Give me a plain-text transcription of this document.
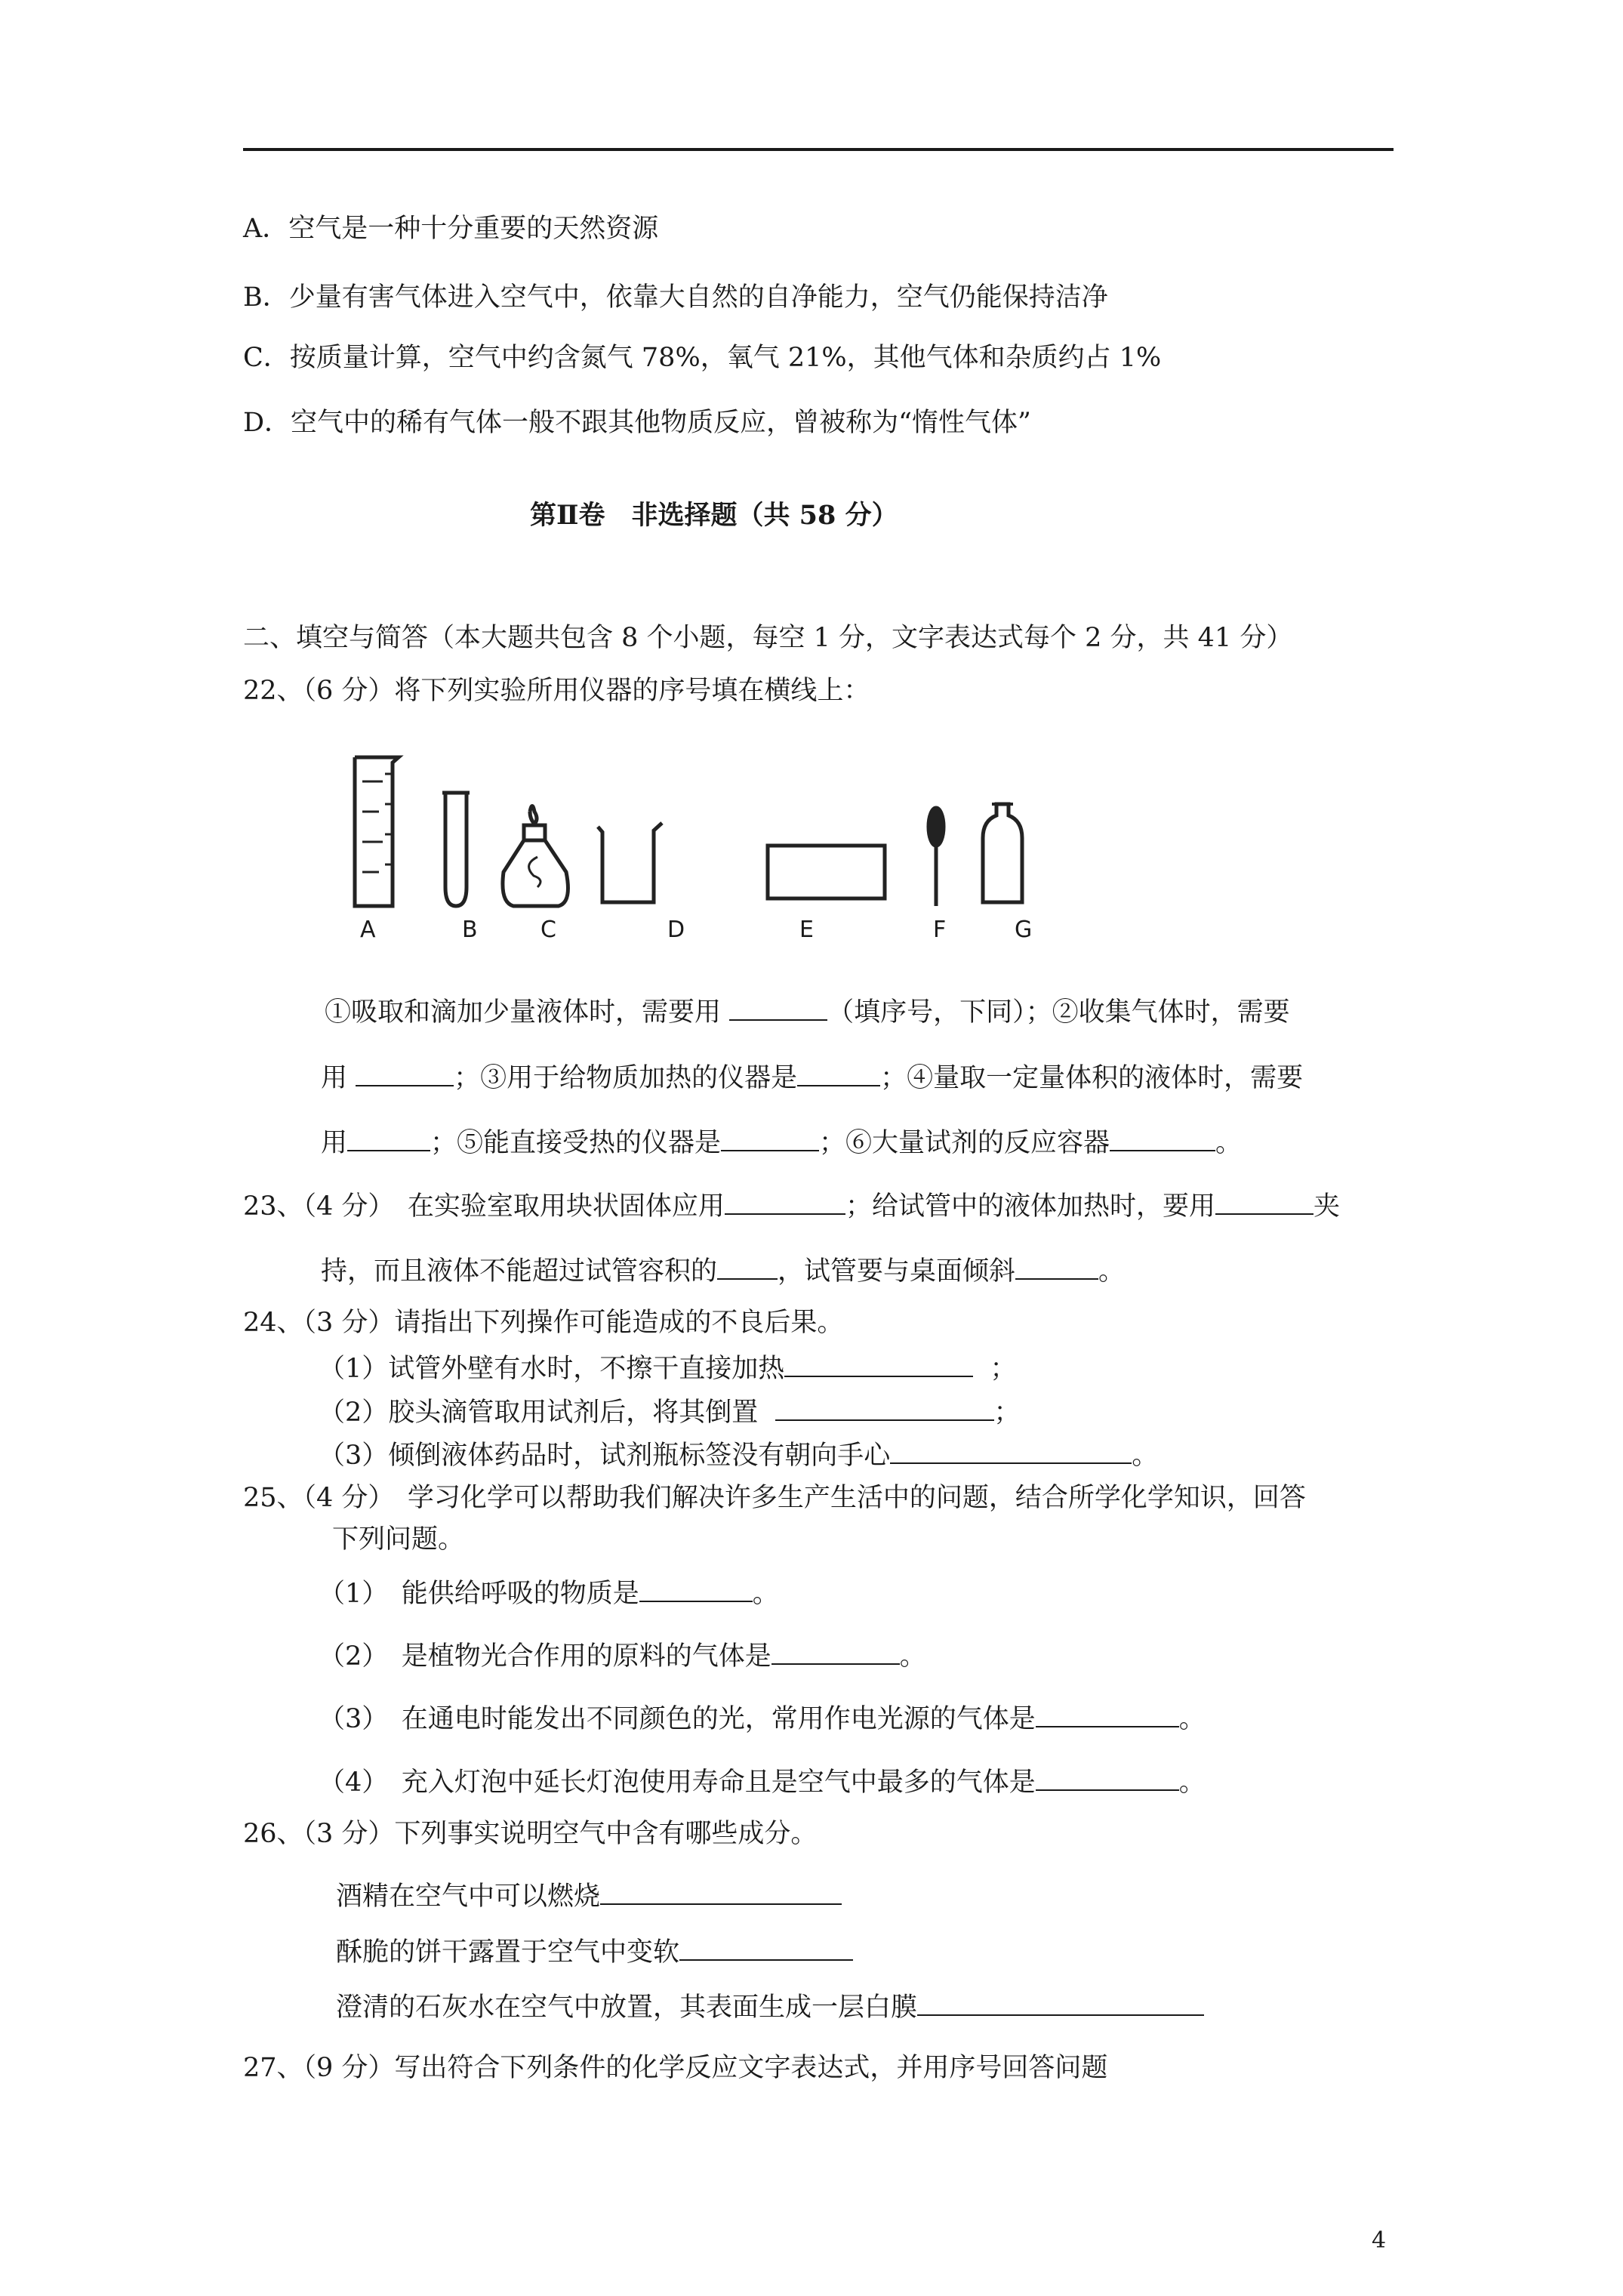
A．空气是一种十分重要的天然资源
B．少量有害气体进入空气中，依靠大自然的自净能力，空气仍能保持洁净
C．按质量计算，空气中约含氮气 78%，氧气 21%，其他气体和杂质约占 1%
D．空气中的稀有气体一般不跟其他物质反应，曾被称为“惰性气体”
第Ⅱ卷　非选择题（共 58 分）
二、填空与简答（本大题共包含 8 个小题，每空 1 分，文字表达式每个 2 分，共 41 分）
22、（6 分）将下列实验所用仪器的序号填在横线上：
A	B	C	D	E	F	G
①吸取和滴加少量液体时，需要用	（填序号，下同）；②收集气体时，需要
用	；③用于给物质加热的仪器是	；④量取一定量体积的液体时，需要
用	；⑤能直接受热的仪器是	；⑥大量试剂的反应容器	。
23、（4 分）　在实验室取用块状固体应用	；给试管中的液体加热时，要用	夹
持，而且液体不能超过试管容积的 ，试管要与桌面倾斜	。
24、（3 分）请指出下列操作可能造成的不良后果。
（1）试管外壁有水时，不擦干直接加热	；
（2）胶头滴管取用试剂后，将其倒置	；
（3）倾倒液体药品时，试剂瓶标签没有朝向手心	。
25、（4 分）　学习化学可以帮助我们解决许多生产生活中的问题，结合所学化学知识，回答
下列问题。
（1）　能供给呼吸的物质是	。
（2）　是植物光合作用的原料的气体是	。
（3）　在通电时能发出不同颜色的光，常用作电光源的气体是	。
（4）　充入灯泡中延长灯泡使用寿命且是空气中最多的气体是	。
26、（3 分）下列事实说明空气中含有哪些成分。
酒精在空气中可以燃烧
酥脆的饼干露置于空气中变软
澄清的石灰水在空气中放置，其表面生成一层白膜
27、（9 分）写出符合下列条件的化学反应文字表达式，并用序号回答问题
4
